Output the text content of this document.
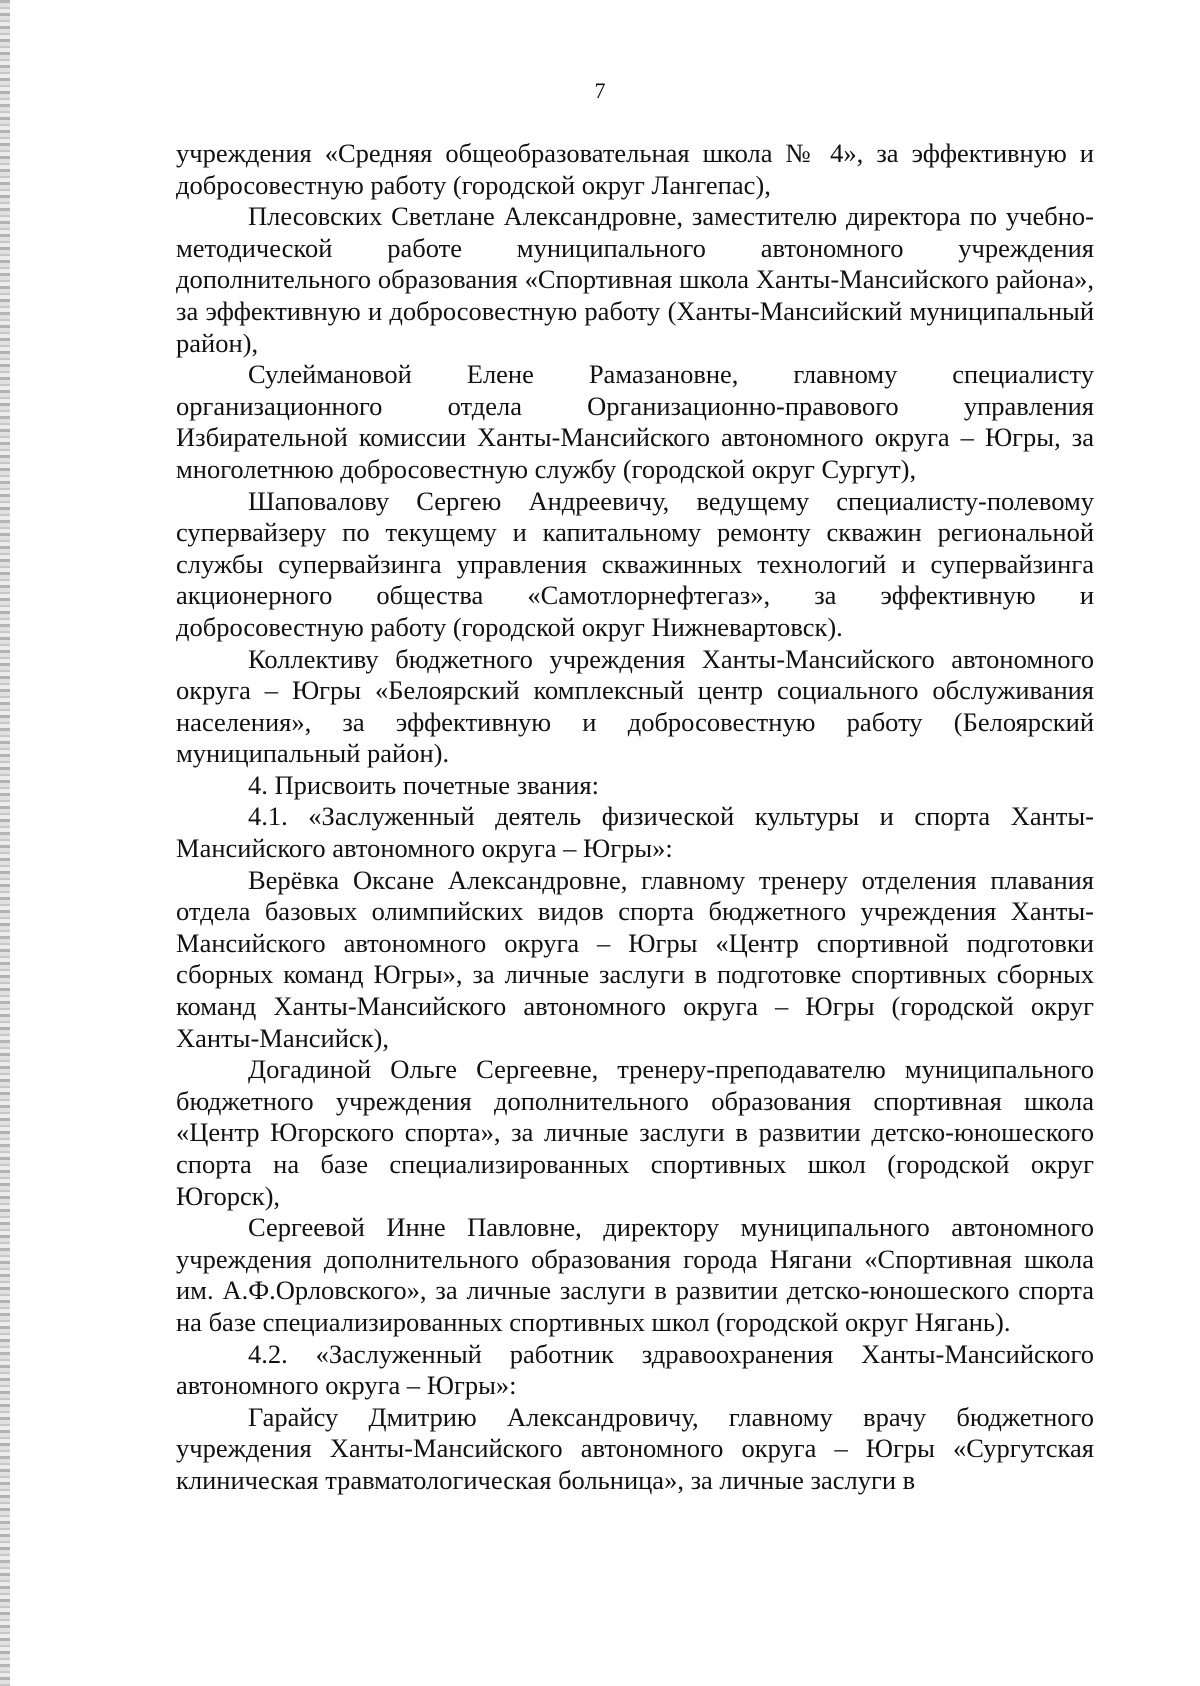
7

учреждения «Средняя общеобразовательная школа № 4», за эффективную и добросовестную работу (городской округ Лангепас),

Плесовских Светлане Александровне, заместителю директора по учебно-методической работе муниципального автономного учреждения дополнительного образования «Спортивная школа Ханты-Мансийского района», за эффективную и добросовестную работу (Ханты-Мансийский муниципальный район),

Сулеймановой Елене Рамазановне, главному специалисту организационного отдела Организационно-правового управления Избирательной комиссии Ханты-Мансийского автономного округа – Югры, за многолетнюю добросовестную службу (городской округ Сургут),

Шаповалову Сергею Андреевичу, ведущему специалисту-полевому супервайзеру по текущему и капитальному ремонту скважин региональной службы супервайзинга управления скважинных технологий и супервайзинга акционерного общества «Самотлорнефтегаз», за эффективную и добросовестную работу (городской округ Нижневартовск).

Коллективу бюджетного учреждения Ханты-Мансийского автономного округа – Югры «Белоярский комплексный центр социального обслуживания населения», за эффективную и добросовестную работу (Белоярский муниципальный район).

4. Присвоить почетные звания:

4.1. «Заслуженный деятель физической культуры и спорта Ханты-Мансийского автономного округа – Югры»:

Верёвка Оксане Александровне, главному тренеру отделения плавания отдела базовых олимпийских видов спорта бюджетного учреждения Ханты-Мансийского автономного округа – Югры «Центр спортивной подготовки сборных команд Югры», за личные заслуги в подготовке спортивных сборных команд Ханты-Мансийского автономного округа – Югры (городской округ Ханты-Мансийск),

Догадиной Ольге Сергеевне, тренеру-преподавателю муниципального бюджетного учреждения дополнительного образования спортивная школа «Центр Югорского спорта», за личные заслуги в развитии детско-юношеского спорта на базе специализированных спортивных школ (городской округ Югорск),

Сергеевой Инне Павловне, директору муниципального автономного учреждения дополнительного образования города Нягани «Спортивная школа им. А.Ф.Орловского», за личные заслуги в развитии детско-юношеского спорта на базе специализированных спортивных школ (городской округ Нягань).

4.2. «Заслуженный работник здравоохранения Ханты-Мансийского автономного округа – Югры»:

Гарайсу Дмитрию Александровичу, главному врачу бюджетного учреждения Ханты-Мансийского автономного округа – Югры «Сургутская клиническая травматологическая больница», за личные заслуги в
